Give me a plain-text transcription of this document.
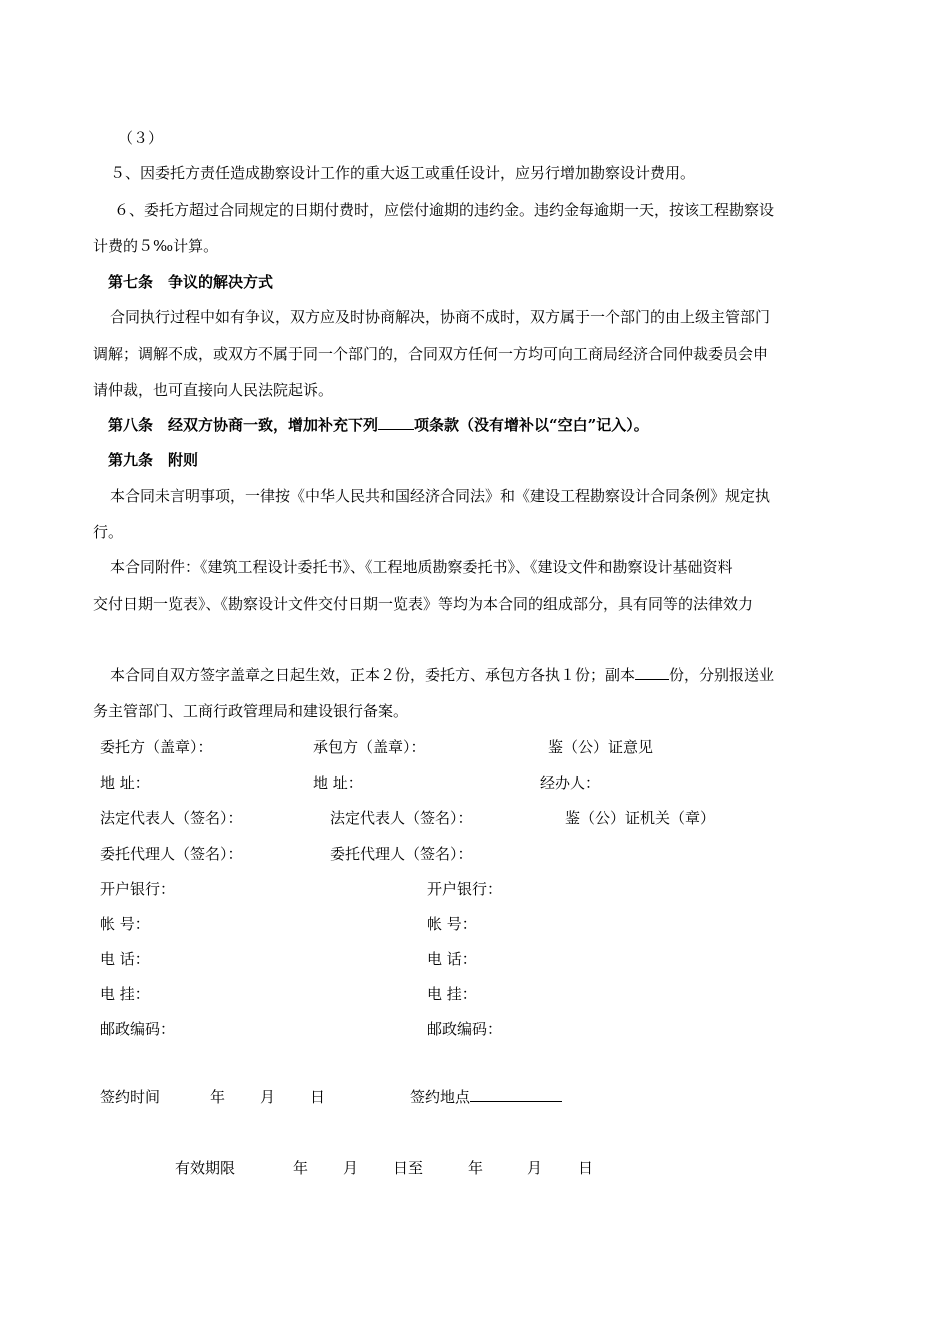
（３）
５、因委托方责任造成勘察设计工作的重大返工或重任设计，应另行增加勘察设计费用。
６、委托方超过合同规定的日期付费时，应偿付逾期的违约金。违约金每逾期一天，按该工程勘察设
计费的５‰计算。
第七条　争议的解决方式
合同执行过程中如有争议，双方应及时协商解决，协商不成时，双方属于一个部门的由上级主管部门
调解；调解不成，或双方不属于同一个部门的，合同双方任何一方均可向工商局经济合同仲裁委员会申
请仲裁，也可直接向人民法院起诉。
第八条　经双方协商一致，增加补充下列 项条款（没有增补以“空白”记入）。
第九条　附则
本合同未言明事项，一律按《中华人民共和国经济合同法》和《建设工程勘察设计合同条例》规定执
行。
本合同附件：《建筑工程设计委托书》、《工程地质勘察委托书》、《建设文件和勘察设计基础资料
交付日期一览表》、《勘察设计文件交付日期一览表》等均为本合同的组成部分，具有同等的法律效力
本合同自双方签字盖章之日起生效，正本２份，委托方、承包方各执１份；副本 份，分别报送业
务主管部门、工商行政管理局和建设银行备案。
委托方（盖章）：	承包方（盖章）：	鉴（公）证意见
地 址：	地 址：	经办人：
法定代表人（签名）：	法定代表人（签名）：	鉴（公）证机关（章）
委托代理人（签名）：	委托代理人（签名）：
开户银行：	开户银行：
帐 号：	帐 号：
电 话：	电 话：
电 挂：	电 挂：
邮政编码：	邮政编码：
签约时间	年 月 日	签约地点
有效期限	年 月 日至	年	月 日
